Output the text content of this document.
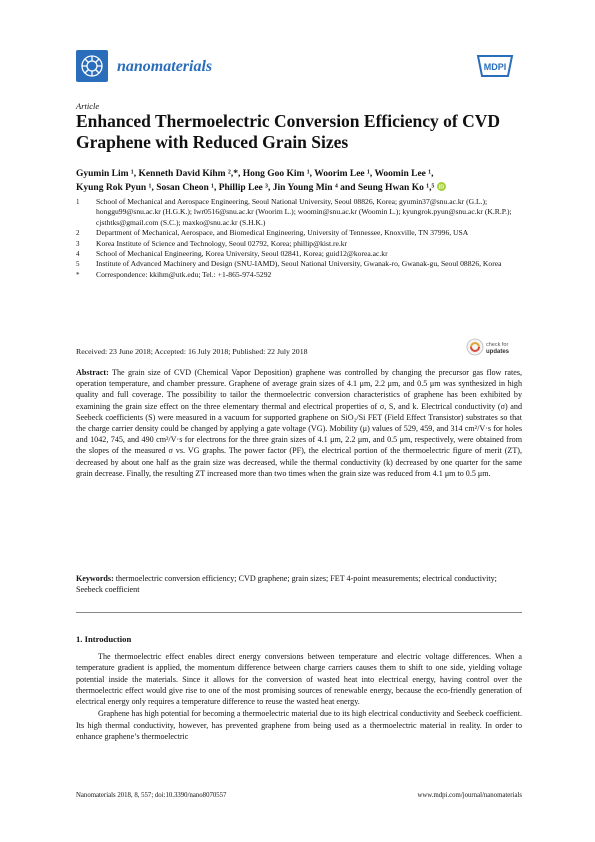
nanomaterials	MDPI
Article
Enhanced Thermoelectric Conversion Efficiency of CVD Graphene with Reduced Grain Sizes
Gyumin Lim ¹, Kenneth David Kihm ²,*, Hong Goo Kim ¹, Woorim Lee ¹, Woomin Lee ¹,
Kyung Rok Pyun ¹, Sosan Cheon ¹, Phillip Lee ³, Jin Young Min ⁴ and Seung Hwan Ko ¹,⁵ iD
1	School of Mechanical and Aerospace Engineering, Seoul National University, Seoul 08826, Korea; gyumin37@snu.ac.kr (G.L.); honggu99@snu.ac.kr (H.G.K.); lwr0516@snu.ac.kr (Woorim L.); woomin@snu.ac.kr (Woomin L.); kyungrok.pyun@snu.ac.kr (K.R.P.); cjsthtks@gmail.com (S.C.); maxko@snu.ac.kr (S.H.K.)
2	Department of Mechanical, Aerospace, and Biomedical Engineering, University of Tennessee, Knoxville, TN 37996, USA
3	Korea Institute of Science and Technology, Seoul 02792, Korea; phillip@kist.re.kr
4	School of Mechanical Engineering, Korea University, Seoul 02841, Korea; guid12@korea.ac.kr
5	Institute of Advanced Machinery and Design (SNU-IAMD), Seoul National University, Gwanak-ro, Gwanak-gu, Seoul 08826, Korea
*	Correspondence: kkihm@utk.edu; Tel.: +1-865-974-5292
check for
updates
Received: 23 June 2018; Accepted: 16 July 2018; Published: 22 July 2018
Abstract: The grain size of CVD (Chemical Vapor Deposition) graphene was controlled by changing the precursor gas flow rates, operation temperature, and chamber pressure. Graphene of average grain sizes of 4.1 μm, 2.2 μm, and 0.5 μm was synthesized in high quality and full coverage. The possibility to tailor the thermoelectric conversion characteristics of graphene has been exhibited by examining the grain size effect on the three elementary thermal and electrical properties of σ, S, and k. Electrical conductivity (σ) and Seebeck coefficients (S) were measured in a vacuum for supported graphene on SiO₂/Si FET (Field Effect Transistor) substrates so that the charge carrier density could be changed by applying a gate voltage (VG). Mobility (μ) values of 529, 459, and 314 cm²/V·s for holes and 1042, 745, and 490 cm²/V·s for electrons for the three grain sizes of 4.1 μm, 2.2 μm, and 0.5 μm, respectively, were obtained from the slopes of the measured σ vs. VG graphs. The power factor (PF), the electrical portion of the thermoelectric figure of merit (ZT), decreased by about one half as the grain size was decreased, while the thermal conductivity (k) decreased by one quarter for the same grain decrease. Finally, the resulting ZT increased more than two times when the grain size was reduced from 4.1 μm to 0.5 μm.
Keywords: thermoelectric conversion efficiency; CVD graphene; grain sizes; FET 4-point measurements; electrical conductivity; Seebeck coefficient
1. Introduction

The thermoelectric effect enables direct energy conversions between temperature and electric voltage differences. When a temperature gradient is applied, the momentum difference between charge carriers causes them to shift to one side, yielding voltage potential inside the materials. Since it allows for the conversion of wasted heat into electrical energy, having control over the thermoelectric effect would give rise to one of the most promising sources of renewable energy, because the eco-friendly generation of electrical energy only requires a temperature difference to reuse the wasted heat energy.

Graphene has high potential for becoming a thermoelectric material due to its high electrical conductivity and Seebeck coefficient. Its high thermal conductivity, however, has prevented graphene from being used as a thermoelectric material in reality. In order to enhance graphene’s thermoelectric

Nanomaterials 2018, 8, 557; doi:10.3390/nano8070557	www.mdpi.com/journal/nanomaterials
